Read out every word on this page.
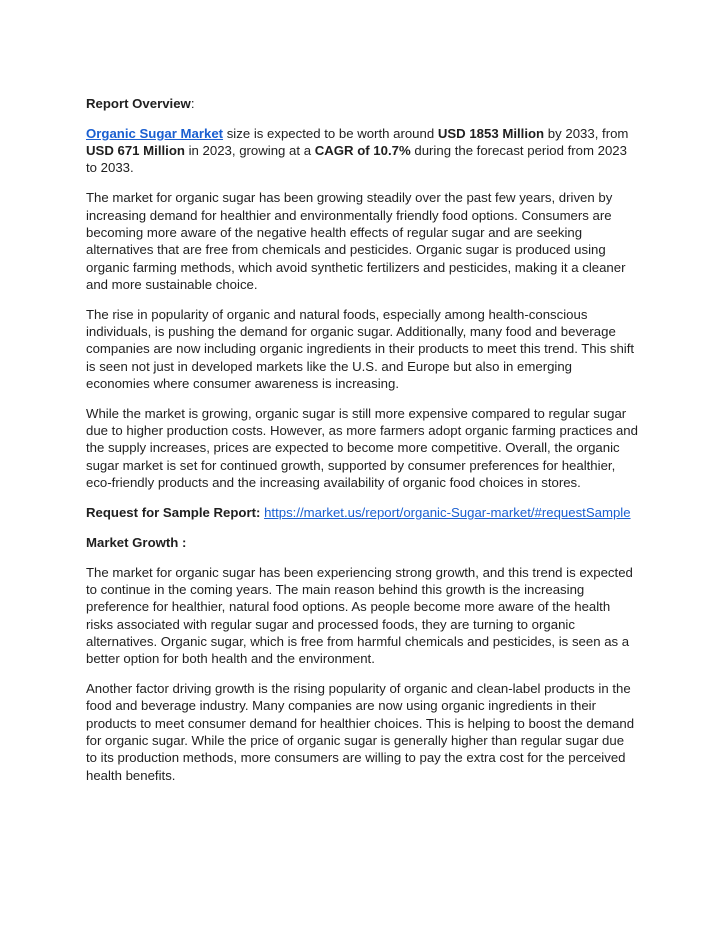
Report Overview:

Organic Sugar Market size is expected to be worth around USD 1853 Million by 2033, from USD 671 Million in 2023, growing at a CAGR of 10.7% during the forecast period from 2023 to 2033.

The market for organic sugar has been growing steadily over the past few years, driven by increasing demand for healthier and environmentally friendly food options. Consumers are becoming more aware of the negative health effects of regular sugar and are seeking alternatives that are free from chemicals and pesticides. Organic sugar is produced using organic farming methods, which avoid synthetic fertilizers and pesticides, making it a cleaner and more sustainable choice.

The rise in popularity of organic and natural foods, especially among health-conscious individuals, is pushing the demand for organic sugar. Additionally, many food and beverage companies are now including organic ingredients in their products to meet this trend. This shift is seen not just in developed markets like the U.S. and Europe but also in emerging economies where consumer awareness is increasing.

While the market is growing, organic sugar is still more expensive compared to regular sugar due to higher production costs. However, as more farmers adopt organic farming practices and the supply increases, prices are expected to become more competitive. Overall, the organic sugar market is set for continued growth, supported by consumer preferences for healthier, eco-friendly products and the increasing availability of organic food choices in stores.

Request for Sample Report: https://market.us/report/organic-Sugar-market/#requestSample

Market Growth :

The market for organic sugar has been experiencing strong growth, and this trend is expected to continue in the coming years. The main reason behind this growth is the increasing preference for healthier, natural food options. As people become more aware of the health risks associated with regular sugar and processed foods, they are turning to organic alternatives. Organic sugar, which is free from harmful chemicals and pesticides, is seen as a better option for both health and the environment.

Another factor driving growth is the rising popularity of organic and clean-label products in the food and beverage industry. Many companies are now using organic ingredients in their products to meet consumer demand for healthier choices. This is helping to boost the demand for organic sugar. While the price of organic sugar is generally higher than regular sugar due to its production methods, more consumers are willing to pay the extra cost for the perceived health benefits.
